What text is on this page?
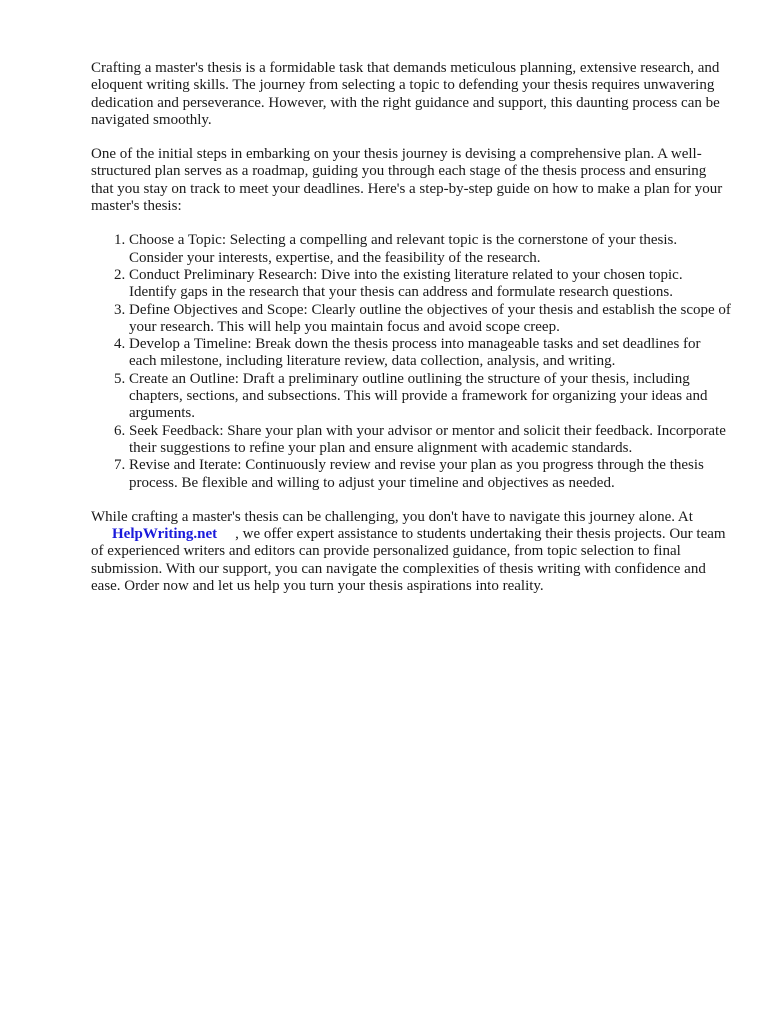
Crafting a master's thesis is a formidable task that demands meticulous planning, extensive research, and eloquent writing skills. The journey from selecting a topic to defending your thesis requires unwavering dedication and perseverance. However, with the right guidance and support, this daunting process can be navigated smoothly.

One of the initial steps in embarking on your thesis journey is devising a comprehensive plan. A well-structured plan serves as a roadmap, guiding you through each stage of the thesis process and ensuring that you stay on track to meet your deadlines. Here's a step-by-step guide on how to make a plan for your master's thesis:

1. Choose a Topic: Selecting a compelling and relevant topic is the cornerstone of your thesis. Consider your interests, expertise, and the feasibility of the research.
2. Conduct Preliminary Research: Dive into the existing literature related to your chosen topic. Identify gaps in the research that your thesis can address and formulate research questions.
3. Define Objectives and Scope: Clearly outline the objectives of your thesis and establish the scope of your research. This will help you maintain focus and avoid scope creep.
4. Develop a Timeline: Break down the thesis process into manageable tasks and set deadlines for each milestone, including literature review, data collection, analysis, and writing.
5. Create an Outline: Draft a preliminary outline outlining the structure of your thesis, including chapters, sections, and subsections. This will provide a framework for organizing your ideas and arguments.
6. Seek Feedback: Share your plan with your advisor or mentor and solicit their feedback. Incorporate their suggestions to refine your plan and ensure alignment with academic standards.
7. Revise and Iterate: Continuously review and revise your plan as you progress through the thesis process. Be flexible and willing to adjust your timeline and objectives as needed.

While crafting a master's thesis can be challenging, you don't have to navigate this journey alone. At
HelpWriting.net , we offer expert assistance to students undertaking their thesis projects. Our team of experienced writers and editors can provide personalized guidance, from topic selection to final submission. With our support, you can navigate the complexities of thesis writing with confidence and ease. Order now and let us help you turn your thesis aspirations into reality.
